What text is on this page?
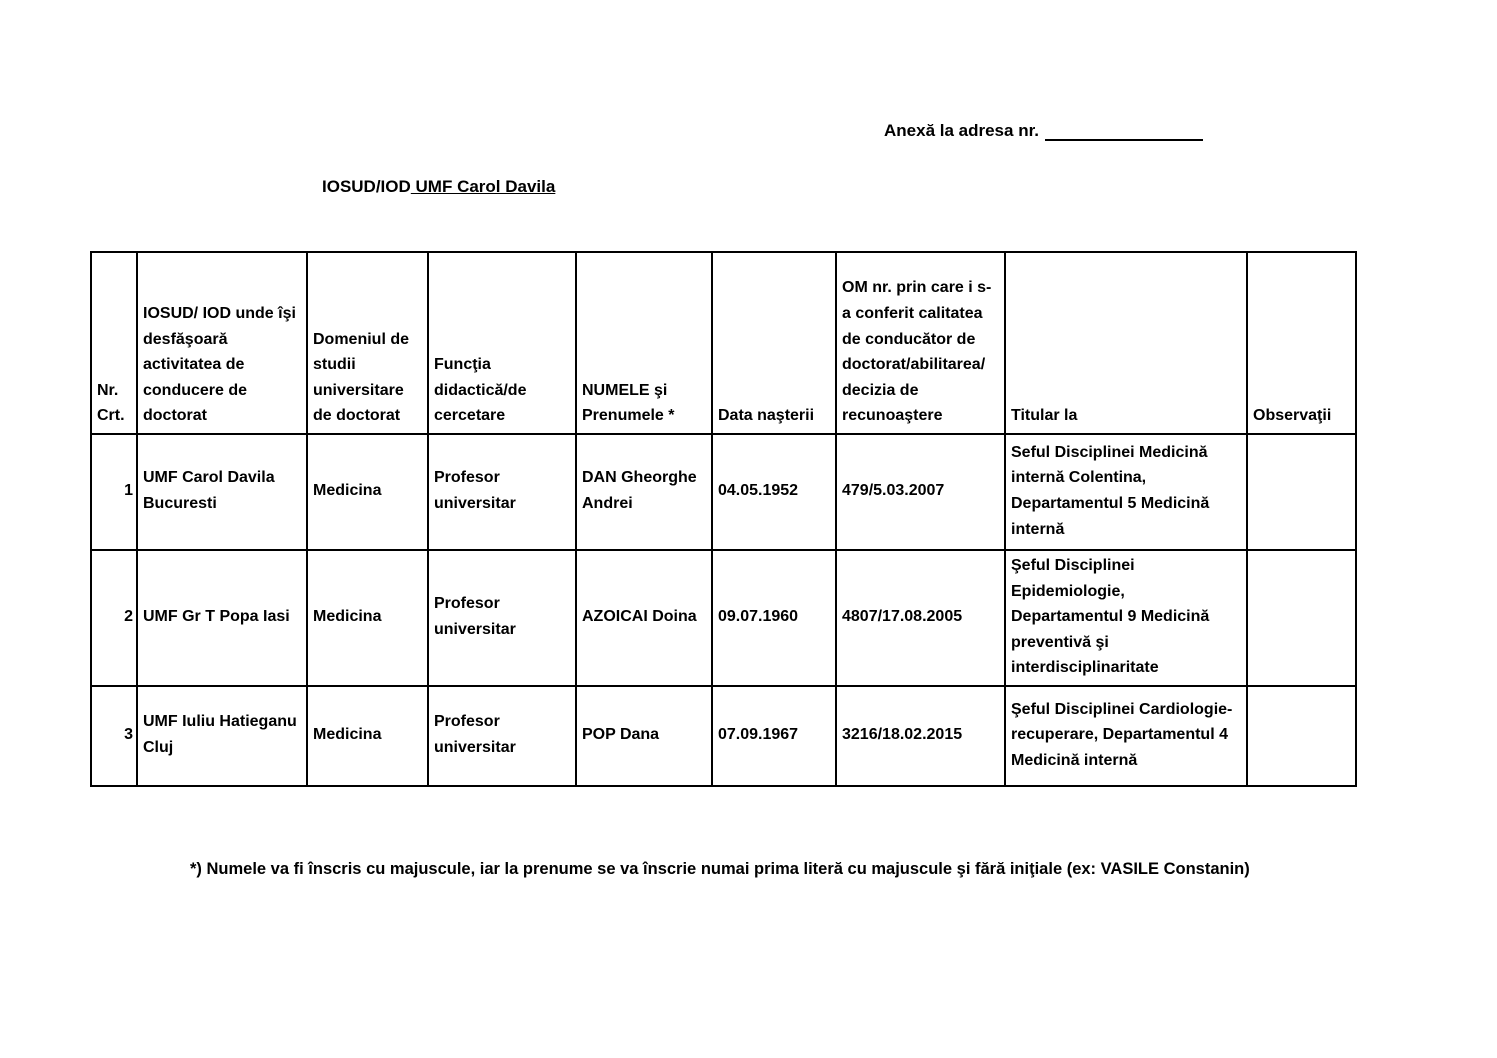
Anexă la adresa nr.
IOSUD/IOD UMF Carol Davila
Nr. Crt.	IOSUD/ IOD unde îşi desfăşoară activitatea de conducere de doctorat	Domeniul de studii universitare de doctorat	Funcţia didactică/de cercetare	NUMELE şi Prenumele *	Data naşterii	OM nr. prin care i s-a conferit calitatea de conducător de doctorat/abilitarea/ decizia de recunoaştere	Titular la	Observaţii
1	UMF Carol Davila Bucuresti	Medicina	Profesor universitar	DAN Gheorghe Andrei	04.05.1952	479/5.03.2007	Seful Disciplinei Medicină internă Colentina, Departamentul 5 Medicină internă	
2	UMF Gr T Popa Iasi	Medicina	Profesor universitar	AZOICAI Doina	09.07.1960	4807/17.08.2005	Şeful Disciplinei Epidemiologie, Departamentul 9 Medicină preventivă şi interdisciplinaritate	
3	UMF Iuliu Hatieganu Cluj	Medicina	Profesor universitar	POP Dana	07.09.1967	3216/18.02.2015	Şeful Disciplinei Cardiologie-recuperare, Departamentul 4 Medicină internă	
*) Numele va fi înscris cu majuscule, iar la prenume se va înscrie numai prima literă cu majuscule şi fără iniţiale (ex: VASILE Constanin)
